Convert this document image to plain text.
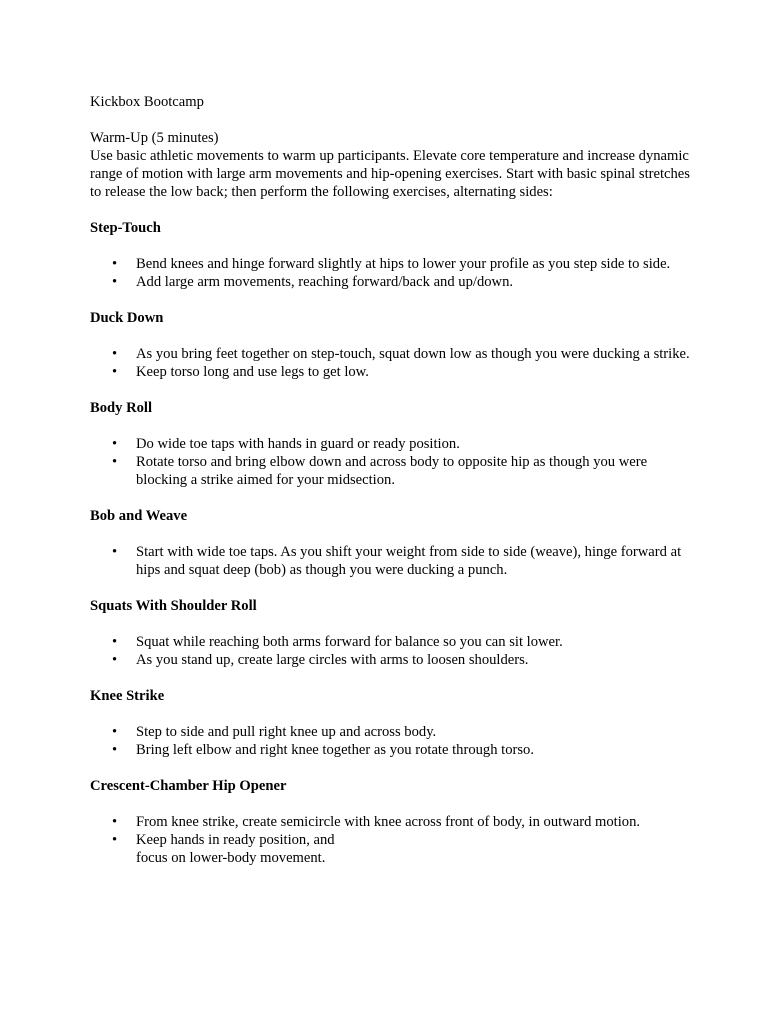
Kickbox Bootcamp

Warm-Up (5 minutes)

Use basic athletic movements to warm up participants. Elevate core temperature and increase dynamic range of motion with large arm movements and hip-opening exercises. Start with basic spinal stretches to release the low back; then perform the following exercises, alternating sides:

Step-Touch

• Bend knees and hinge forward slightly at hips to lower your profile as you step side to side.
• Add large arm movements, reaching forward/back and up/down.

Duck Down

• As you bring feet together on step-touch, squat down low as though you were ducking a strike.
• Keep torso long and use legs to get low.

Body Roll

• Do wide toe taps with hands in guard or ready position.
• Rotate torso and bring elbow down and across body to opposite hip as though you were blocking a strike aimed for your midsection.

Bob and Weave

• Start with wide toe taps. As you shift your weight from side to side (weave), hinge forward at hips and squat deep (bob) as though you were ducking a punch.

Squats With Shoulder Roll

• Squat while reaching both arms forward for balance so you can sit lower.
• As you stand up, create large circles with arms to loosen shoulders.

Knee Strike

• Step to side and pull right knee up and across body.
• Bring left elbow and right knee together as you rotate through torso.

Crescent-Chamber Hip Opener

• From knee strike, create semicircle with knee across front of body, in outward motion.
• Keep hands in ready position, and
focus on lower-body movement.
